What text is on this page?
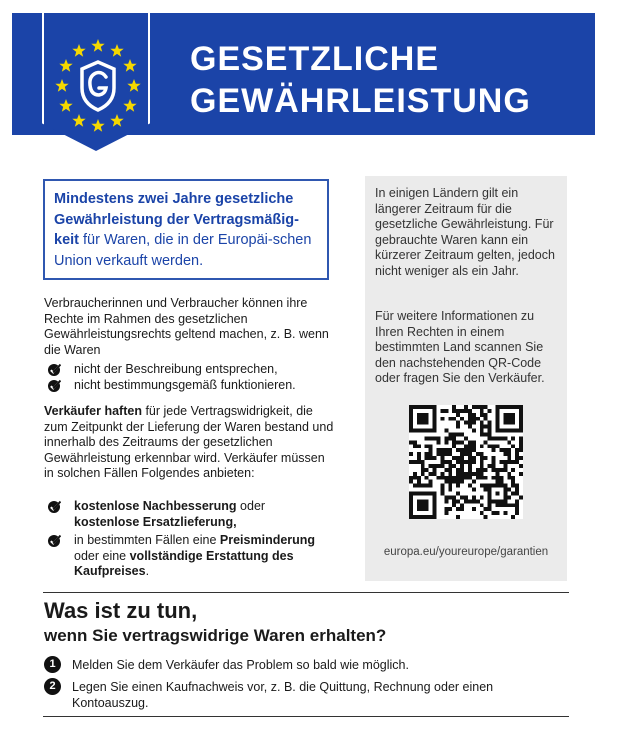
GESETZLICHE
GEWÄHRLEISTUNG
Mindestens zwei Jahre gesetzliche Gewährleistung der Vertragsmäßig-keit für Waren, die in der Europäi-schen Union verkauft werden.
Verbraucherinnen und Verbraucher können ihre Rechte im Rahmen des gesetzlichen Gewährleistungsrechts geltend machen, z. B. wenn die Waren
nicht der Beschreibung entsprechen,
nicht bestimmungsgemäß funktionieren.
Verkäufer haften für jede Vertragswidrigkeit, die zum Zeitpunkt der Lieferung der Waren bestand und innerhalb des Zeitraums der gesetzlichen Gewährleistung erkennbar wird. Verkäufer müssen in solchen Fällen Folgendes anbieten:
kostenlose Nachbesserung oder
kostenlose Ersatzlieferung,
in bestimmten Fällen eine Preisminderung
oder eine vollständige Erstattung des Kaufpreises.
In einigen Ländern gilt ein längerer Zeitraum für die gesetzliche Gewährleistung. Für gebrauchte Waren kann ein kürzerer Zeitraum gelten, jedoch nicht weniger als ein Jahr.
Für weitere Informationen zu Ihren Rechten in einem bestimmten Land scannen Sie den nachstehenden QR-Code oder fragen Sie den Verkäufer.
europa.eu/youreurope/garantien
Was ist zu tun,
wenn Sie vertragswidrige Waren erhalten?
1	Melden Sie dem Verkäufer das Problem so bald wie möglich.
2	Legen Sie einen Kaufnachweis vor, z. B. die Quittung, Rechnung oder einen Kontoauszug.
